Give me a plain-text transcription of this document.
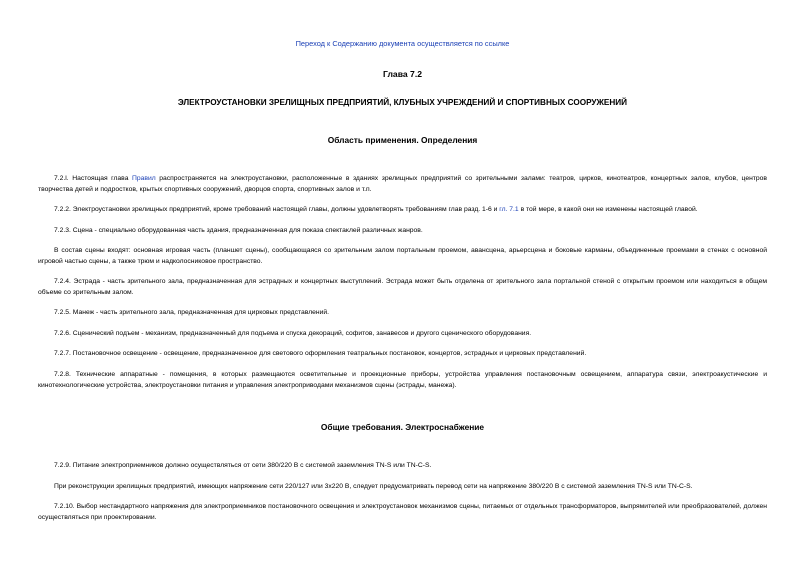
Переход к Содержанию документа осуществляется по ссылке
Глава 7.2
ЭЛЕКТРОУСТАНОВКИ ЗРЕЛИЩНЫХ ПРЕДПРИЯТИЙ, КЛУБНЫХ УЧРЕЖДЕНИЙ И СПОРТИВНЫХ СООРУЖЕНИЙ
Область применения. Определения
7.2.l. Настоящая глава Правил распространяется на электроустановки, расположенные в зданиях зрелищных предприятий со зрительными залами: театров, цирков, кинотеатров, концертных залов, клубов, центров творчества детей и подростков, крытых спортивных сооружений, дворцов спорта, спортивных залов и т.п.
7.2.2. Электроустановки зрелищных предприятий, кроме требований настоящей главы, должны удовлетворять требованиям глав разд. 1-6 и гл. 7.1 в той мере, в какой они не изменены настоящей главой.
7.2.3. Сцена - специально оборудованная часть здания, предназначенная для показа спектаклей различных жанров.
В состав сцены входят: основная игровая часть (планшет сцены), сообщающаяся со зрительным залом портальным проемом, авансцена, арьерсцена и боковые карманы, объединенные проемами в стенах с основной игровой частью сцены, а также трюм и надколосниковое пространство.
7.2.4. Эстрада - часть зрительного зала, предназначенная для эстрадных и концертных выступлений. Эстрада может быть отделена от зрительного зала портальной стеной с открытым проемом или находиться в общем объеме со зрительным залом.
7.2.5. Манеж - часть зрительного зала, предназначенная для цирковых представлений.
7.2.6. Сценический подъем - механизм, предназначенный для подъема и спуска декораций, софитов, занавесов и другого сценического оборудования.
7.2.7. Постановочное освещение - освещение, предназначенное для светового оформления театральных постановок, концертов, эстрадных и цирковых представлений.
7.2.8. Технические аппаратные - помещения, в которых размещаются осветительные и проекционные приборы, устройства управления постановочным освещением, аппаратура связи, электроакустические и кинотехнологические устройства, электроустановки питания и управления электроприводами механизмов сцены (эстрады, манежа).
Общие требования. Электроснабжение
7.2.9. Питание электроприемников должно осуществляться от сети 380/220 В с системой заземления TN-S или TN-C-S.
При реконструкции зрелищных предприятий, имеющих напряжение сети 220/127 или 3х220 В, следует предусматривать перевод сети на напряжение 380/220 В с системой заземления TN-S или TN-C-S.
7.2.10. Выбор нестандартного напряжения для электроприемников постановочного освещения и электроустановок механизмов сцены, питаемых от отдельных трансформаторов, выпрямителей или преобразователей, должен осуществляться при проектировании.
